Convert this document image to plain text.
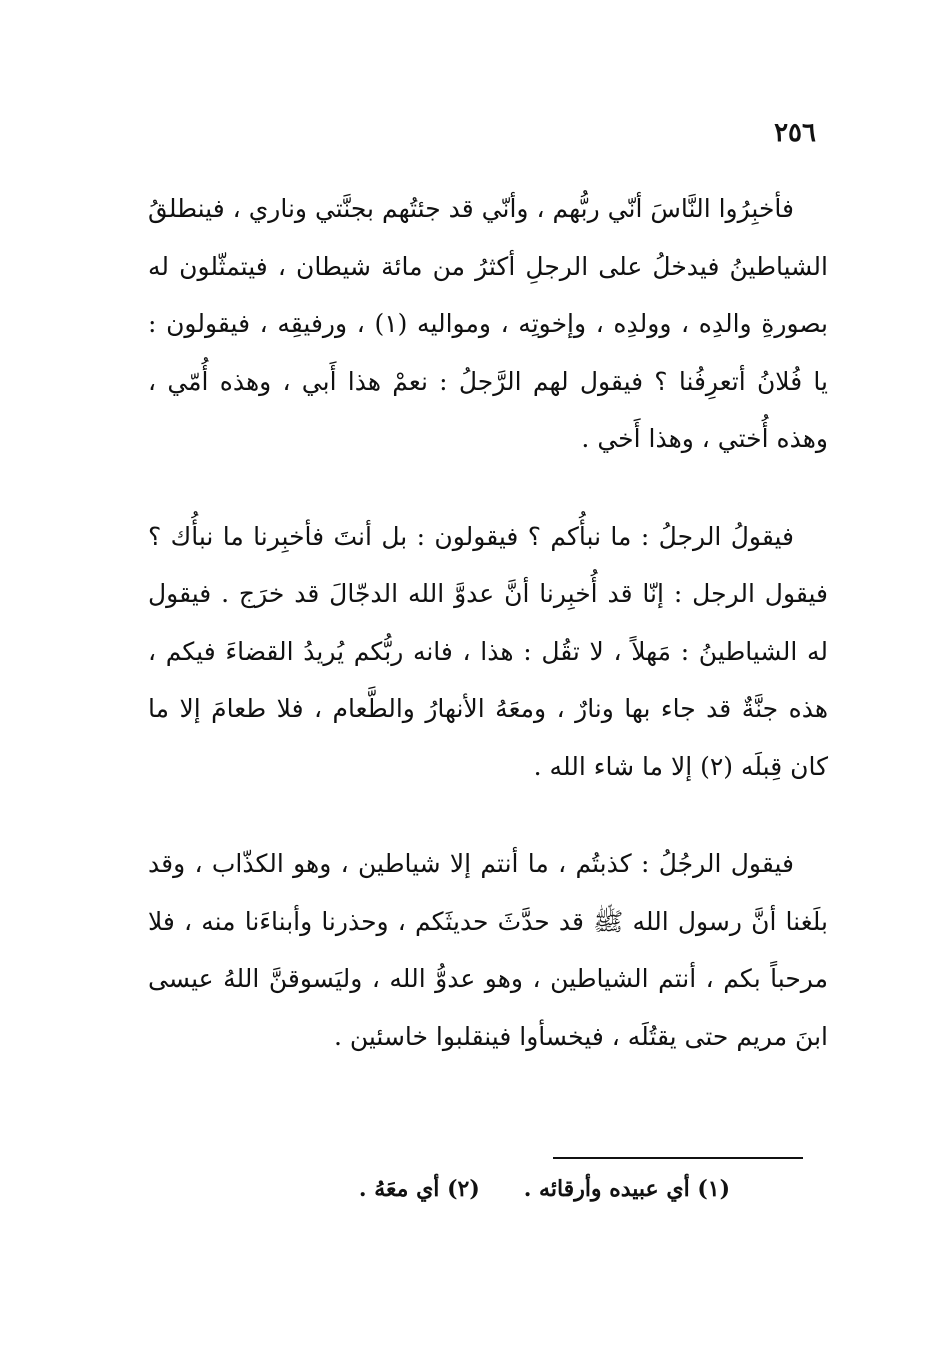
٢٥٦

فأخبِرُوا النَّاسَ أنّي ربُّهم ، وأنّي قد جئتُهم بجنَّتي وناري ، فينطلقُ الشياطينُ فيدخلُ على الرجلِ أكثرُ من مائة شيطان ، فيتمثّلون له بصورةِ والدِه ، وولدِه ، وإخوتِه ، ومواليه (١) ، ورفيقِه ، فيقولون : يا فُلانُ أتعرِفُنا ؟ فيقول لهم الرَّجلُ : نعمْ هذا أَبي ، وهذه أُمّي ، وهذه أُختي ، وهذا أَخي .

فيقولُ الرجلُ : ما نبأُكم ؟ فيقولون : بل أنتَ فأخبِرنا ما نبأُك ؟ فيقول الرجل : إنّا قد أُخبِرنا أنَّ عدوَّ الله الدجّالَ قد خرَج . فيقول له الشياطينُ : مَهلاً ، لا تقُل : هذا ، فانه ربُّكم يُريدُ القضاءَ فيكم ، هذه جنَّةٌ قد جاء بها ونارٌ ، ومعَهُ الأنهارُ والطَّعام ، فلا طعامَ إلا ما كان قِبلَه (٢) إلا ما شاء الله .

فيقول الرجُلُ : كذبتُم ، ما أنتم إلا شياطين ، وهو الكذّاب ، وقد بلَغنا أنَّ رسول الله ﷺ قد حدَّثَ حديثَكم ، وحذرنا وأبناءَنا منه ، فلا مرحباً بكم ، أنتم الشياطين ، وهو عدوُّ الله ، وليَسوقنَّ اللهُ عيسى ابنَ مريم حتى يقتُلَه ، فيخسأوا فينقلبوا خاسئين .

(١) أي عبيده وأرقائه .(٢) أي معَهُ .
